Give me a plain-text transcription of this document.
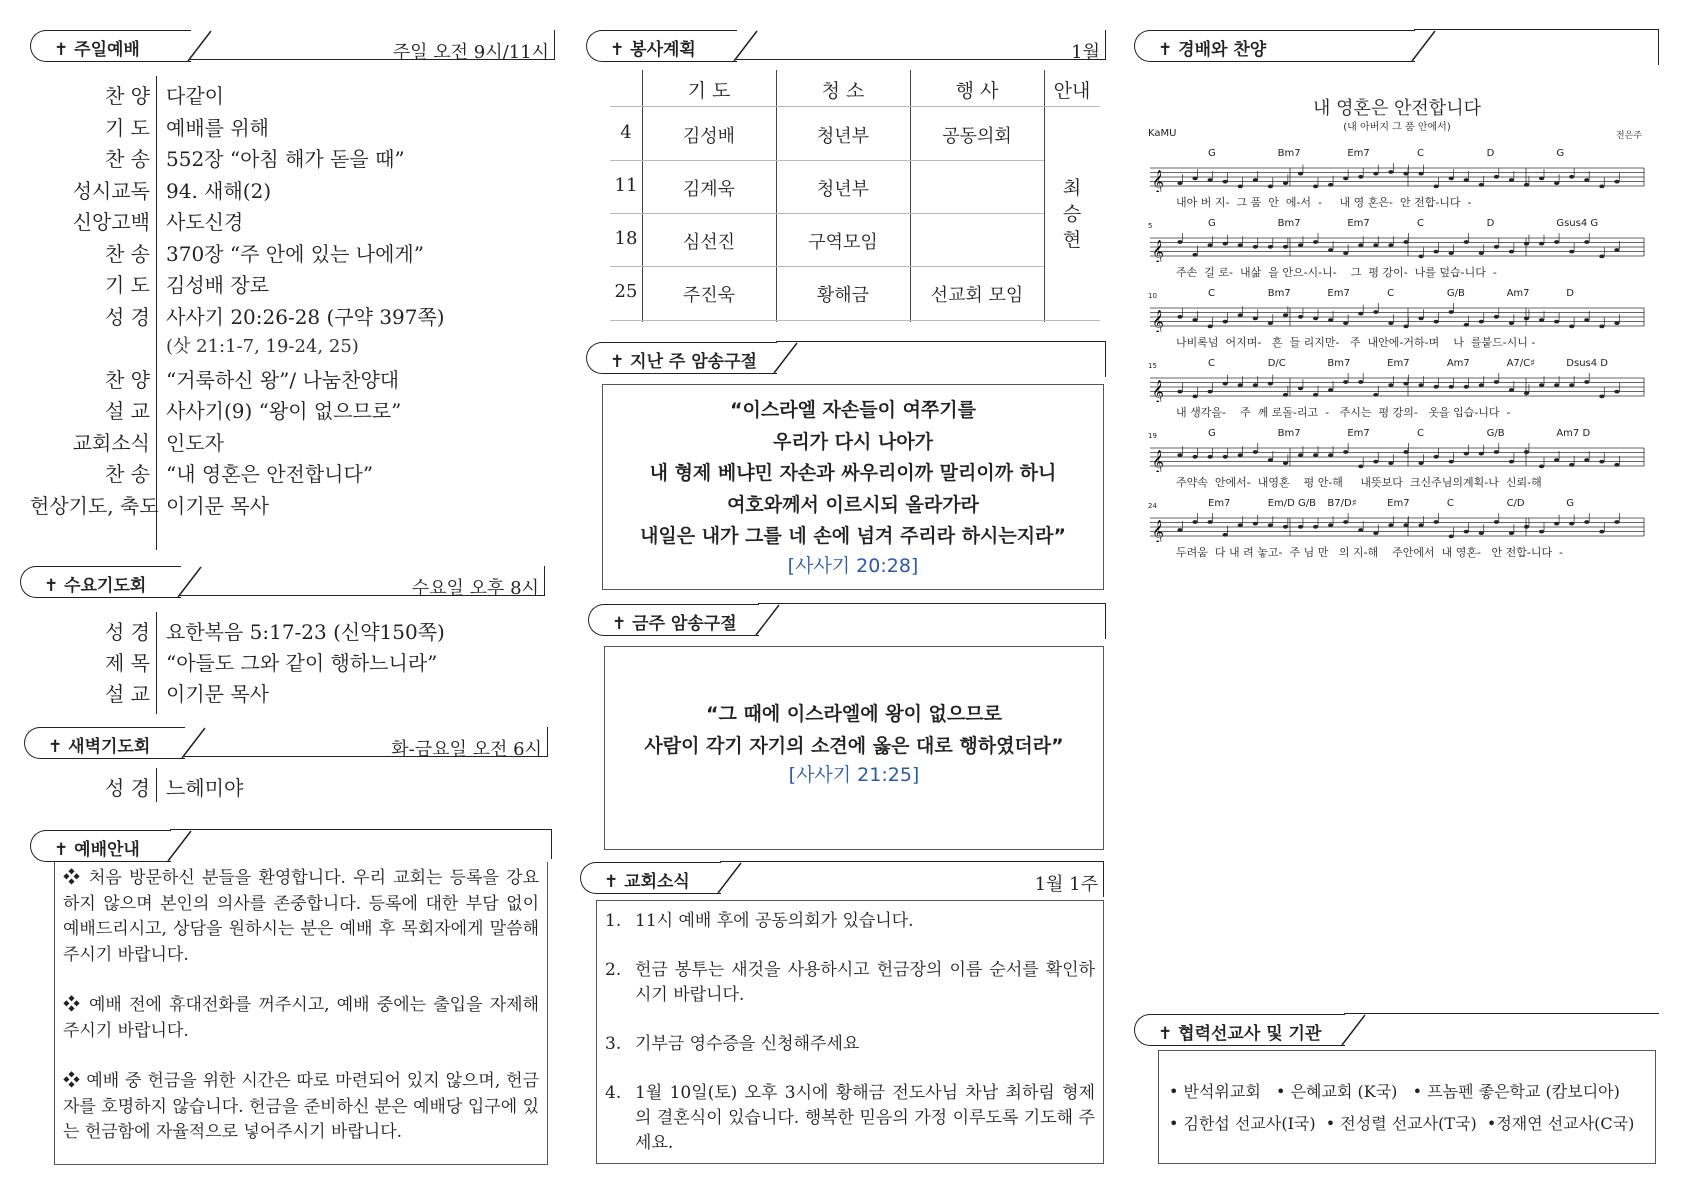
✝ 주일예배	주일 오전 9시/11시
찬 양 다같이
기 도 예배를 위해
찬 송 552장 “아침 해가 돋을 때”
성시교독 94. 새해(2)
신앙고백 사도신경
찬 송 370장 “주 안에 있는 나에게”
기 도 김성배 장로
성 경 사사기 20:26-28 (구약 397쪽)
(삿 21:1-7, 19-24, 25)
찬 양 “거룩하신 왕”/ 나눔찬양대
설 교 사사기(9) “왕이 없으므로”
교회소식 인도자
찬 송 “내 영혼은 안전합니다”
헌상기도, 축도 이기문 목사
✝ 수요기도회	수요일 오후 8시
성 경 요한복음 5:17-23 (신약150쪽)
제 목 “아들도 그와 같이 행하느니라”
설 교 이기문 목사
✝ 새벽기도회	화-금요일 오전 6시
성 경 느헤미야
✝ 예배안내

❖ 처음 방문하신 분들을 환영합니다. 우리 교회는 등록을 강요하지 않으며 본인의 의사를 존중합니다. 등록에 대한 부담 없이 예배드리시고, 상담을 원하시는 분은 예배 후 목회자에게 말씀해 주시기 바랍니다.

❖ 예배 전에 휴대전화를 꺼주시고, 예배 중에는 출입을 자제해 주시기 바랍니다.

❖ 예배 중 헌금을 위한 시간은 따로 마련되어 있지 않으며, 헌금자를 호명하지 않습니다. 헌금을 준비하신 분은 예배당 입구에 있는 헌금함에 자율적으로 넣어주시기 바랍니다.

✝ 봉사계획	1월
기 도	청 소	행 사	안내
4	김성배	청년부	공동의회
11	김계욱	청년부
18	심선진	구역모임
25	주진욱	황해금	선교회 모임
최
승
현
✝ 지난 주 암송구절
“이스라엘 자손들이 여쭈기를
우리가 다시 나아가
내 형제 베냐민 자손과 싸우리이까 말리이까 하니
여호와께서 이르시되 올라가라
내일은 내가 그를 네 손에 넘겨 주리라 하시는지라”
[사사기 20:28]
✝ 금주 암송구절
“그 때에 이스라엘에 왕이 없으므로
사람이 각기 자기의 소견에 옳은 대로 행하였더라”
[사사기 21:25]
✝ 교회소식	1월 1주
1. 11시 예배 후에 공동의회가 있습니다.
2. 헌금 봉투는 새것을 사용하시고 헌금장의 이름 순서를 확인하시기 바랍니다.
3. 기부금 영수증을 신청해주세요
4. 1월 10일(토) 오후 3시에 황해금 전도사님 차남 최하림 형제의 결혼식이 있습니다. 행복한 믿음의 가정 이루도록 기도해 주세요.
✝ 경배와 찬양
내 영혼은 안전합니다
(내 아버지 그 품 안에서)
KaMU	전은주
G	Bm7	Em7	C	D	G
𝄞
내아 버 지-  그 품  안  에-서  -     내 영 혼은-  안 전합-니다  -
5	G	Bm7	Em7	C	D	Gsus4 G
𝄞
주손  길 로-  내삶  을 안으-시-니-    그  평 강이-  나를 덮습-니다  -
10	C	Bm7	Em7	C	G/B	Am7	D
𝄞
나비록넘  어지며-   흔  들 리지만-   주  내안에-거하-며    나  를붙드-시니 -
15	C	D/C	Bm7	Em7	Am7	A7/C♯	Dsus4 D
𝄞
내 생각을-    주  께 로돌-리고  -   주시는  평 강의-   옷을 입습-니다  -
19	G	Bm7	Em7	C	G/B	Am7 D
𝄞
주약속  안에서-  내영혼    평 안-해     내뜻보다  크신주님의계획-나  신뢰-해
24	Em7	Em/D G/B B7/D♯	Em7	C	C/D	G
𝄞
두려움  다 내 려 놓고-  주 님 만   의 지-해    주안에서  내 영혼-   안 전합-니다  -
✝ 협력선교사 및 기관
• 반석위교회   • 은혜교회 (K국)   • 프놈펜 좋은학교 (캄보디아)
• 김한섭 선교사(I국)  • 전성렬 선교사(T국)  •정재연 선교사(C국)
